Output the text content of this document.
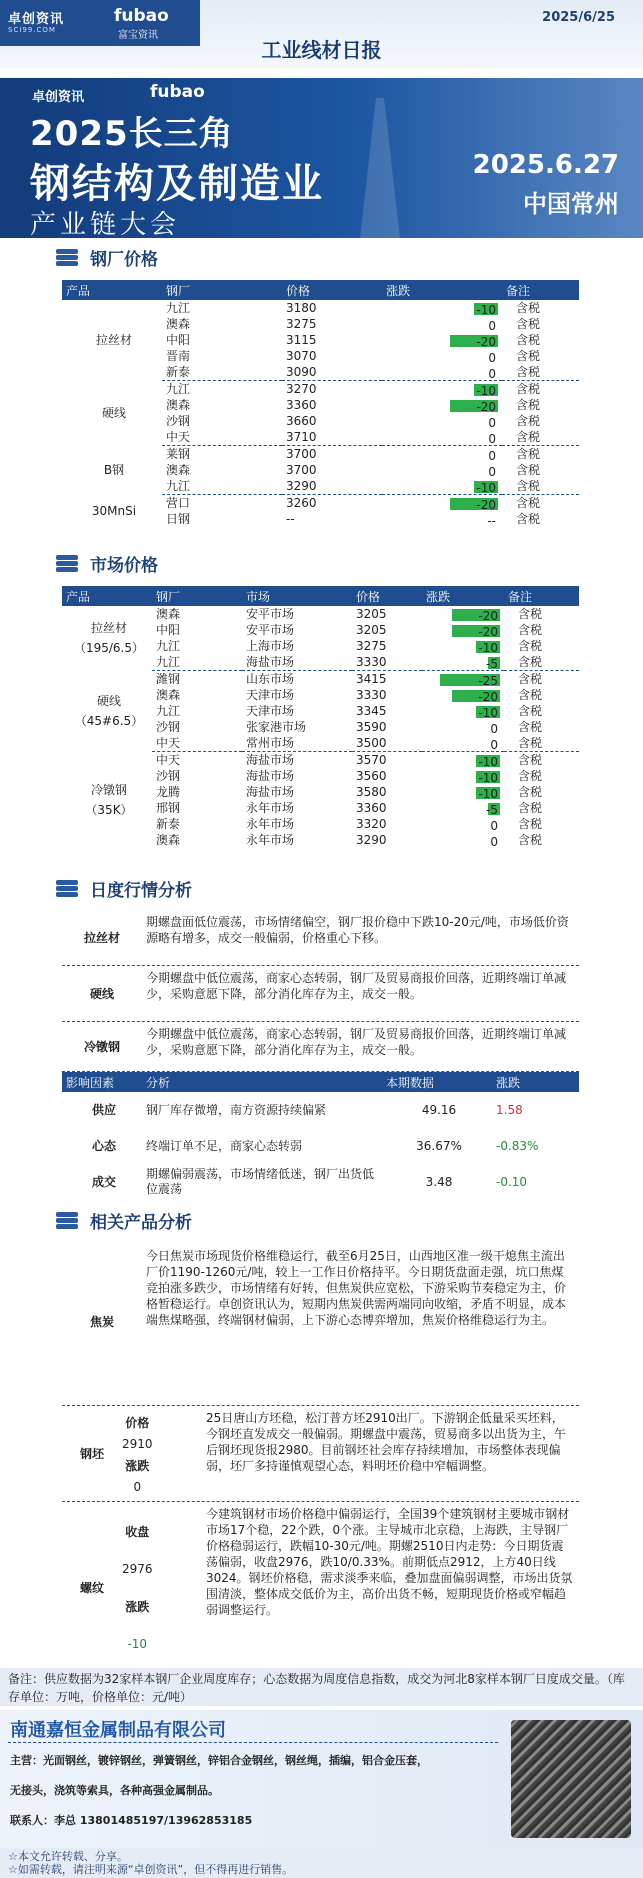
卓创资讯
SCI99.COM
fubao
富宝资讯
2025/6/25
工业线材日报
卓创资讯	fubao
2025长三角
钢结构及制造业
产业链大会
2025.6.27
中国常州
钢厂价格
产品	钢厂	价格	涨跌	备注
拉丝材	九江	3180	-10	含税
	澳森	3275	0	含税
	中阳	3115	-20	含税
	晋南	3070	0	含税
	新泰	3090	0	含税
硬线	九江	3270	-10	含税
	澳森	3360	-20	含税
	沙钢	3660	0	含税
	中天	3710	0	含税
B钢	莱钢	3700	0	含税
	澳森	3700	0	含税
	九江	3290	-10	含税
30MnSi	营口	3260	-20	含税
	日钢	--	--	含税
市场价格
产品	钢厂	市场	价格	涨跌	备注

拉丝材
（195/6.5）	澳森	安平市场	3205	-20	含税
	中阳	安平市场	3205	-20	含税
	九江	上海市场	3275	-10	含税
	九江	海盐市场	3330	-5	含税

硬线
（45#6.5）	潍钢	山东市场	3415	-25	含税
	澳森	天津市场	3330	-20	含税
	九江	天津市场	3345	-10	含税
	沙钢	张家港市场	3590	0	含税
	中天	常州市场	3500	0	含税

冷镦钢
（35K）	中天	海盐市场	3570	-10	含税
	沙钢	海盐市场	3560	-10	含税
	龙腾	海盐市场	3580	-10	含税
	邢钢	永年市场	3360	-5	含税
	新泰	永年市场	3320	0	含税
	澳森	永年市场	3290	0	含税
日度行情分析
拉丝材
期螺盘面低位震荡，市场情绪偏空，钢厂报价稳中下跌10-20元/吨，市场低价资源略有增多，成交一般偏弱，价格重心下移。
硬线
今期螺盘中低位震荡，商家心态转弱，钢厂及贸易商报价回落，近期终端订单减少，采购意愿下降，部分消化库存为主，成交一般。
冷镦钢
今期螺盘中低位震荡，商家心态转弱，钢厂及贸易商报价回落，近期终端订单减少，采购意愿下降，部分消化库存为主，成交一般。
影响因素	分析	本期数据	涨跌
供应	钢厂库存微增，南方资源持续偏紧	49.16	1.58
心态	终端订单不足，商家心态转弱	36.67%	-0.83%
成交	期螺偏弱震荡，市场情绪低迷，钢厂出货低位震荡	3.48	-0.10
相关产品分析
焦炭
今日焦炭市场现货价格维稳运行，截至6月25日，山西地区准一级干熄焦主流出厂价1190-1260元/吨，较上一工作日价格持平。今日期货盘面走强，坑口焦煤竞拍涨多跌少，市场情绪有好转，但焦炭供应宽松，下游采购节奏稳定为主，价格暂稳运行。卓创资讯认为，短期内焦炭供需两端同向收缩，矛盾不明显，成本端焦煤略强，终端钢材偏弱，上下游心态博弈增加，焦炭价格维稳运行为主。
钢坯
价格
2910
涨跌
0
25日唐山方坯稳，松汀普方坯2910出厂。下游钢企低量采买坯料，今钢坯直发成交一般偏弱。期螺盘中震荡，贸易商多以出货为主，午后钢坯现货报2980。目前钢坯社会库存持续增加，市场整体表现偏弱，坯厂多持谨慎观望心态，料明坯价稳中窄幅调整。
螺纹
收盘
2976
涨跌
-10
今建筑钢材市场价格稳中偏弱运行，全国39个建筑钢材主要城市钢材市场17个稳，22个跌，0个涨。主导城市北京稳，上海跌，主导钢厂价格稳弱运行，跌幅10-30元/吨。期螺2510日内走势：今日期货震荡偏弱，收盘2976，跌10/0.33%。前期低点2912，上方40日线3024。钢坯价格稳，需求淡季来临，叠加盘面偏弱调整，市场出货氛围清淡，整体成交低价为主，高价出货不畅，短期现货价格或窄幅趋弱调整运行。
备注：供应数据为32家样本钢厂企业周度库存；心态数据为周度信息指数，成交为河北8家样本钢厂日度成交量。（库存单位：万吨，价格单位：元/吨）
南通嘉恒金属制品有限公司

主营：光面钢丝，镀锌钢丝，弹簧钢丝，锌铝合金钢丝，钢丝绳，插编，铝合金压套，

无接头，浇筑等索具，各种高强金属制品。

联系人：李总 13801485197/13962853185

☆本文允许转载、分享。
☆如需转载，请注明来源“卓创资讯”，但不得再进行销售。
